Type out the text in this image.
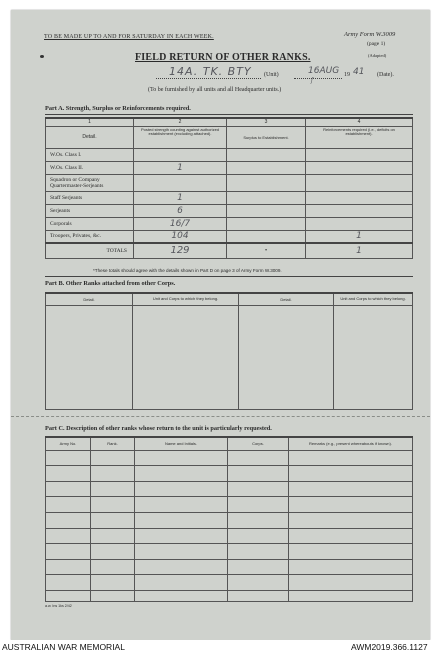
TO BE MADE UP TO AND FOR SATURDAY IN EACH WEEK.	Army Form W.3009
(page 1)
(Adapted)
FIELD RETURN OF OTHER RANKS.
14A. TK. BTY (Unit)	16AUG
ʃ
19 41 (Date).
(To be furnished by all units and all Headquarter units.)
Part A. Strength, Surplus or Reinforcements required.
1	2	3	4
Detail.	Posted strength counting against authorized establishment (excluding attached).	Surplus to Establishment.	Reinforcements required (i.e., deficits on establishment).
W.Os. Class I.			
W.Os. Class II.	1		
Squadron or Company Quartermaster-Serjeants			
Staff Serjeants	1		
Serjeants	6		
Corporals	16/7		
Troopers, Privates, &c.	104		1
TOTALS	129	•	1
*These totals should agree with the details shown in Part D on page 3 of Army Form W.3009.
Part B. Other Ranks attached from other Corps.
Detail.	Unit and Corps to which they belong.	Detail.	Unit and Corps to which they belong.

Part C. Description of other ranks whose return to the unit is particularly requested.
Army No.	Rank.	Name and Initials.	Corps.	Remarks (e.g., present whereabouts if known).

a.w. Ins 1ks 2/42
AUSTRALIAN WAR MEMORIAL	AWM2019.366.1127
